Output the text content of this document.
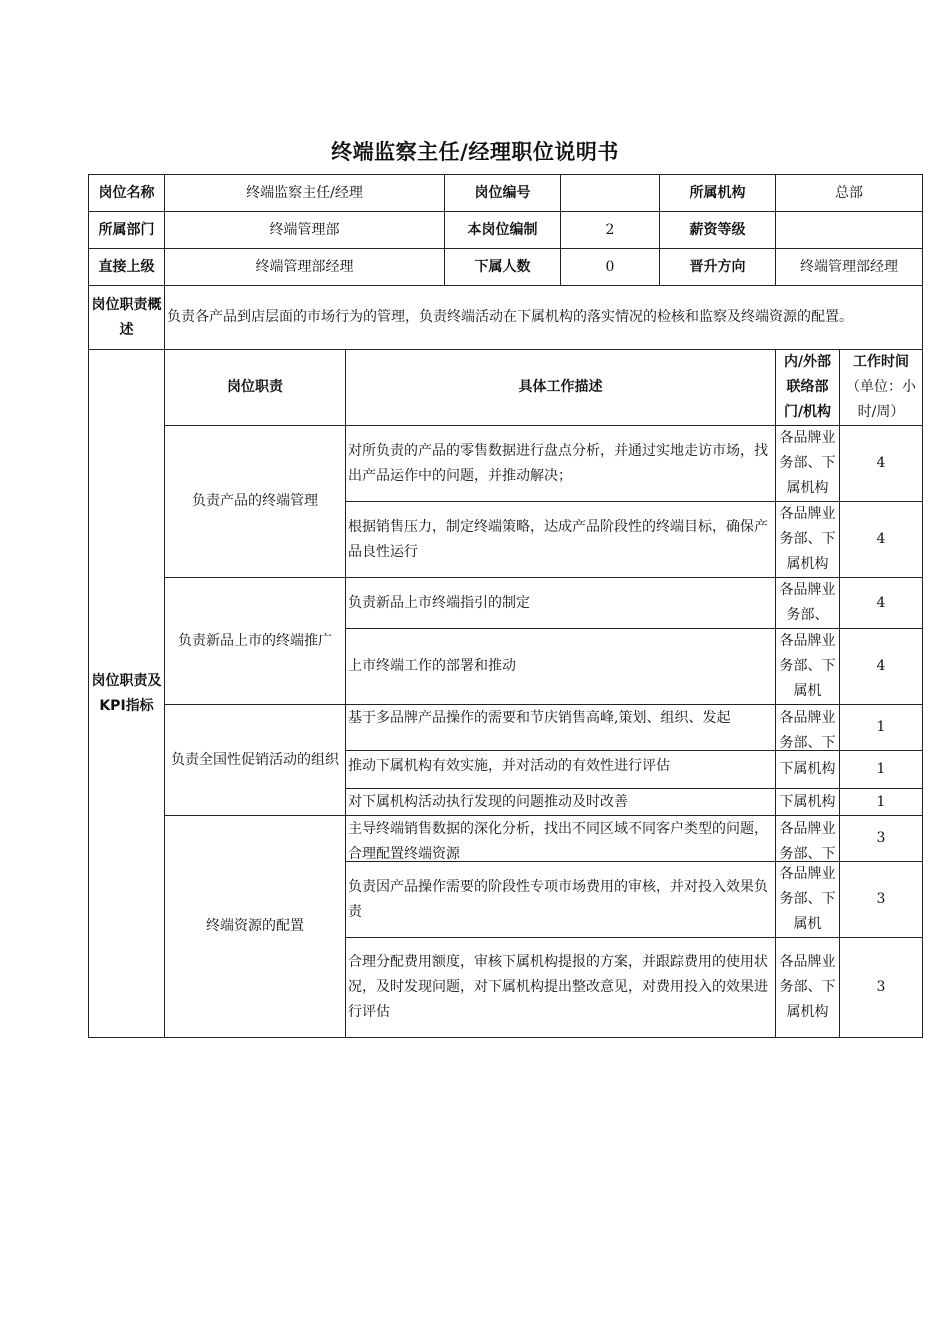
终端监察主任/经理职位说明书
岗位名称	终端监察主任/经理		岗位编号		所属机构	总部	
所属部门	终端管理部		本岗位编制	2	薪资等级		
直接上级	终端管理部经理		下属人数	0	晋升方向	终端管理部经理	
岗位职责概述	负责各产品到店层面的市场行为的管理，负责终端活动在下属机构的落实情况的检核和监察及终端资源的配置。						
岗位职责及KPI指标	岗位职责	具体工作描述				内/外部联络部门/机构	工作时间
（单位：小时/周）

	负责产品的终端管理	对所负责的产品的零售数据进行盘点分析，并通过实地走访市场，找出产品运作中的问题，并推动解决；				各品牌业务部、下属机构	4
		根据销售压力，制定终端策略，达成产品阶段性的终端目标，确保产品良性运行				各品牌业务部、下属机构	4
	负责新品上市的终端推广	负责新品上市终端指引的制定				各品牌业务部、	4
		上市终端工作的部署和推动				各品牌业务部、下属机	4
	负责全国性促销活动的组织	基于多品牌产品操作的需要和节庆销售高峰,策划、组织、发起				各品牌业务部、下	1

		推动下属机构有效实施，并对活动的有效性进行评估				下属机构	1
		对下属机构活动执行发现的问题推动及时改善				下属机构	1
	终端资源的配置	主导终端销售数据的深化分析，找出不同区域不同客户类型的问题，合理配置终端资源				各品牌业务部、下	3
		负责因产品操作需要的阶段性专项市场费用的审核，并对投入效果负责				各品牌业务部、下属机	3
		合理分配费用额度，审核下属机构提报的方案，并跟踪费用的使用状况，及时发现问题，对下属机构提出整改意见，对费用投入的效果进行评估				各品牌业务部、下属机构	3
